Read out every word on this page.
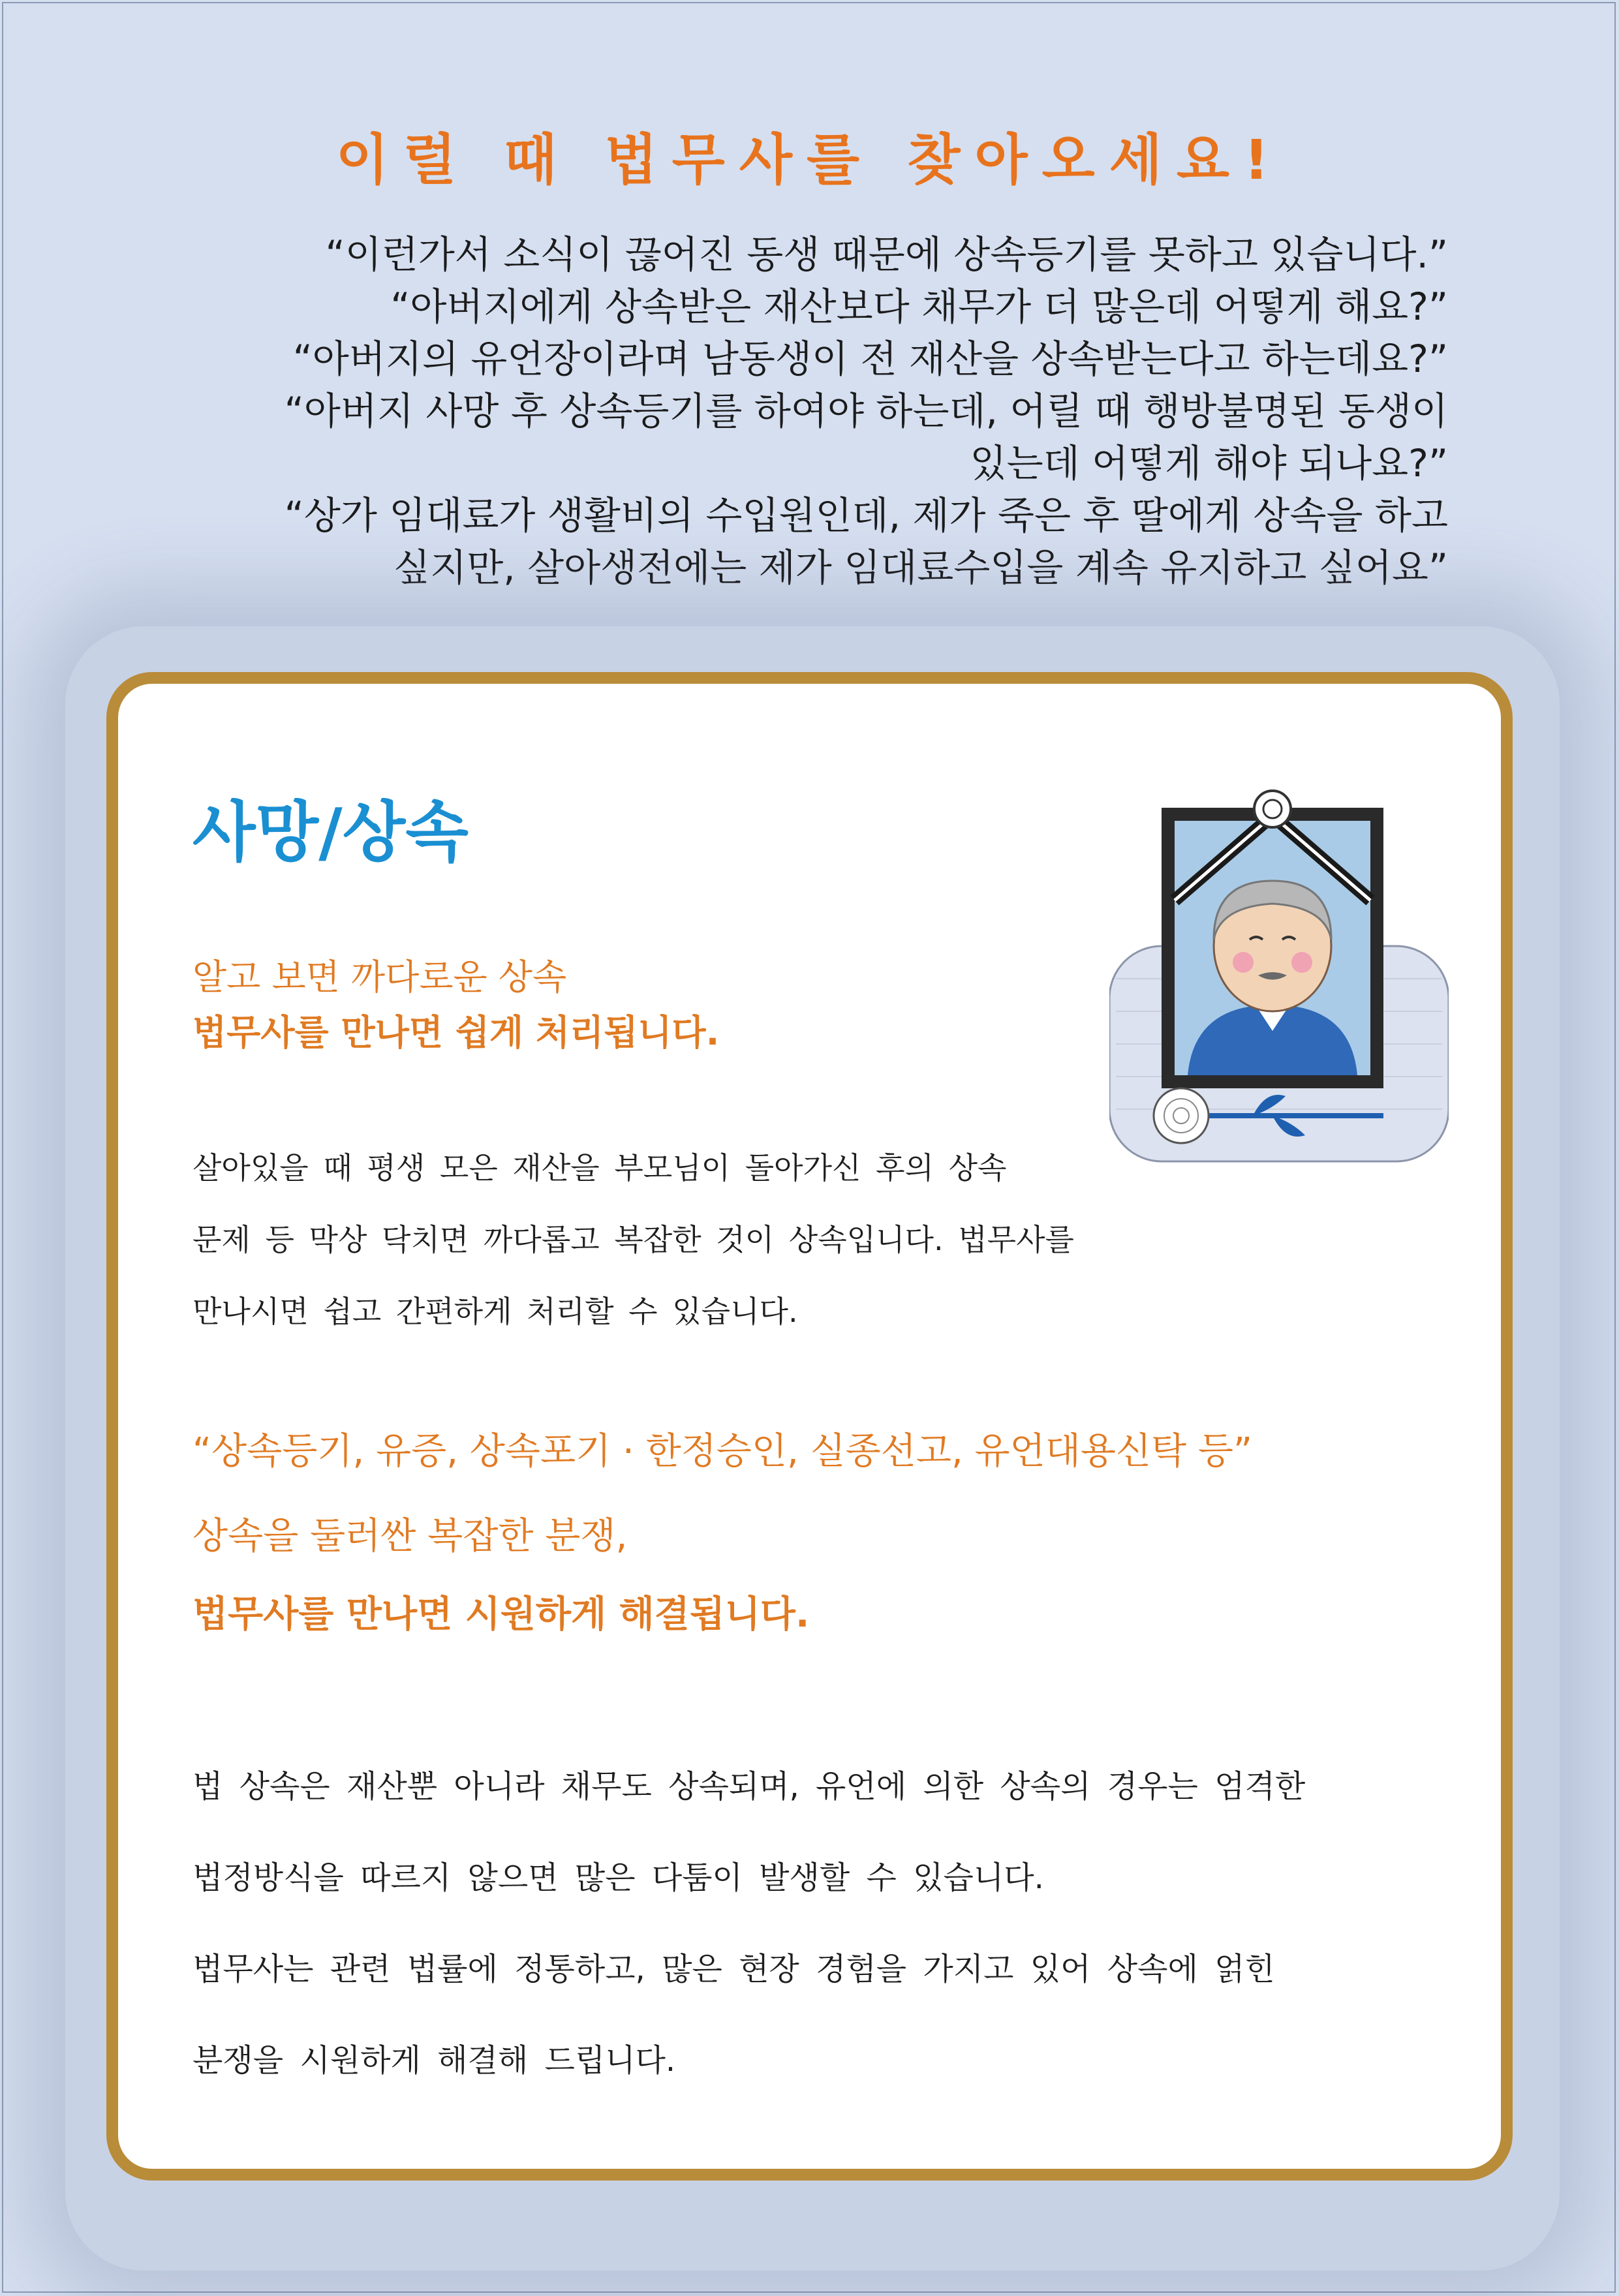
이럴 때 법무사를 찾아오세요!
“이런가서 소식이 끊어진 동생 때문에 상속등기를 못하고 있습니다.”
“아버지에게 상속받은 재산보다 채무가 더 많은데 어떻게 해요?”
“아버지의 유언장이라며 남동생이 전 재산을 상속받는다고 하는데요?”
“아버지 사망 후 상속등기를 하여야 하는데, 어릴 때 행방불명된 동생이
있는데 어떻게 해야 되나요?”
“상가 임대료가 생활비의 수입원인데, 제가 죽은 후 딸에게 상속을 하고
싶지만, 살아생전에는 제가 임대료수입을 계속 유지하고 싶어요”
사망/상속
알고 보면 까다로운 상속
법무사를 만나면 쉽게 처리됩니다.
살아있을 때 평생 모은 재산을 부모님이 돌아가신 후의 상속
문제 등 막상 닥치면 까다롭고 복잡한 것이 상속입니다. 법무사를
만나시면 쉽고 간편하게 처리할 수 있습니다.
“상속등기, 유증, 상속포기 · 한정승인, 실종선고, 유언대용신탁 등”
상속을 둘러싼 복잡한 분쟁,
법무사를 만나면 시원하게 해결됩니다.
법 상속은 재산뿐 아니라 채무도 상속되며, 유언에 의한 상속의 경우는 엄격한
법정방식을 따르지 않으면 많은 다툼이 발생할 수 있습니다.
법무사는 관련 법률에 정통하고, 많은 현장 경험을 가지고 있어 상속에 얽힌
분쟁을 시원하게 해결해 드립니다.
